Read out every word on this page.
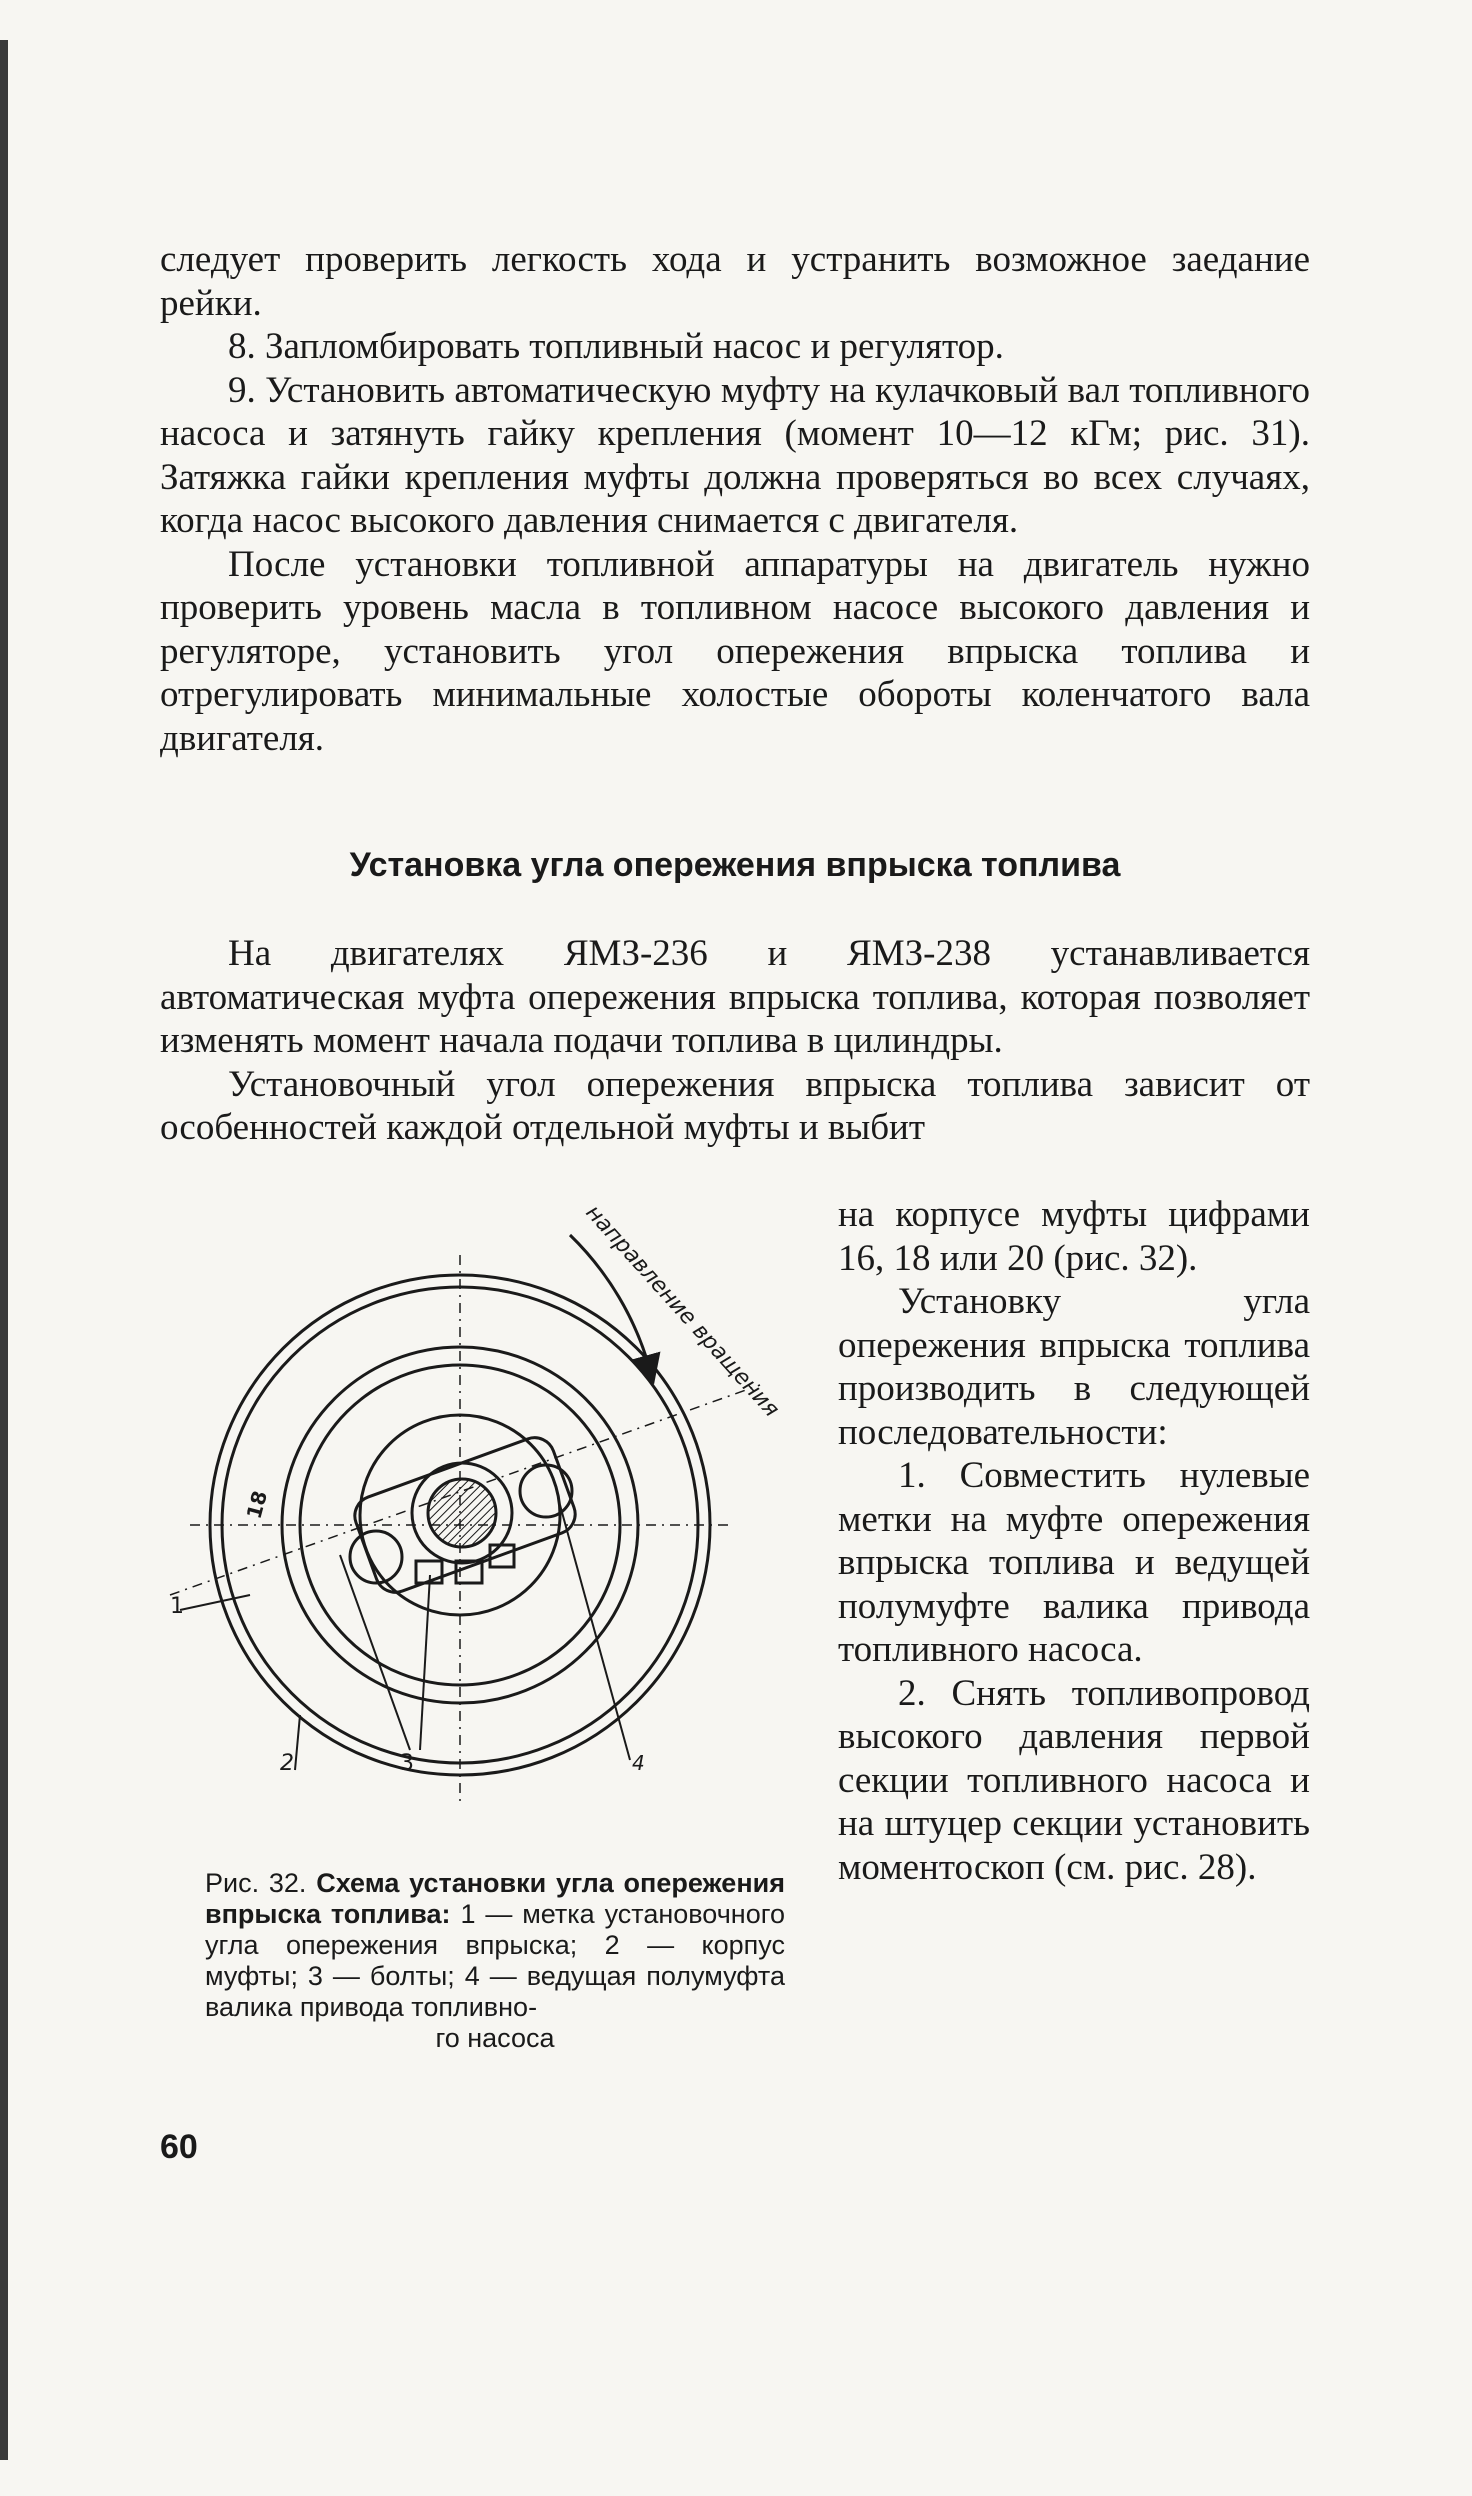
следует проверить легкость хода и устранить возможное заедание рейки.

8. Запломбировать топливный насос и регулятор.

9. Установить автоматическую муфту на кулачковый вал топливного насоса и затянуть гайку крепления (момент 10—12 кГм; рис. 31). Затяжка гайки крепления муфты должна проверяться во всех случаях, когда насос высокого давления снимается с двигателя.

После установки топливной аппаратуры на двигатель нужно проверить уровень масла в топливном насосе высокого давления и регуляторе, установить угол опережения впрыска топлива и отрегулировать минимальные холостые обороты коленчатого вала двигателя.

Установка угла опережения впрыска топлива

На двигателях ЯМЗ-236 и ЯМЗ-238 устанавливается автоматическая муфта опережения впрыска топлива, которая позволяет изменять момент начала подачи топлива в цилиндры.

Установочный угол опережения впрыска топлива зависит от особенностей каждой отдельной муфты и выбит

на корпусе муфты цифрами 16, 18 или 20 (рис. 32).

Установку угла опережения впрыска топлива производить в следующей последовательности:

1. Совместить нулевые метки на муфте опережения впрыска топлива и ведущей полумуфте валика привода топливного насоса.

2. Снять топливопровод высокого давления первой секции топливного насоса и на штуцер секции установить моментоскоп (см. рис. 28).

направление вращения
18
1
2	3	4
Рис. 32. Схема установки угла опережения впрыска топлива: 1 — метка установочного угла опережения впрыска; 2 — корпус муфты; 3 — болты; 4 — ведущая полумуфта валика привода топливно-
го насоса
60
